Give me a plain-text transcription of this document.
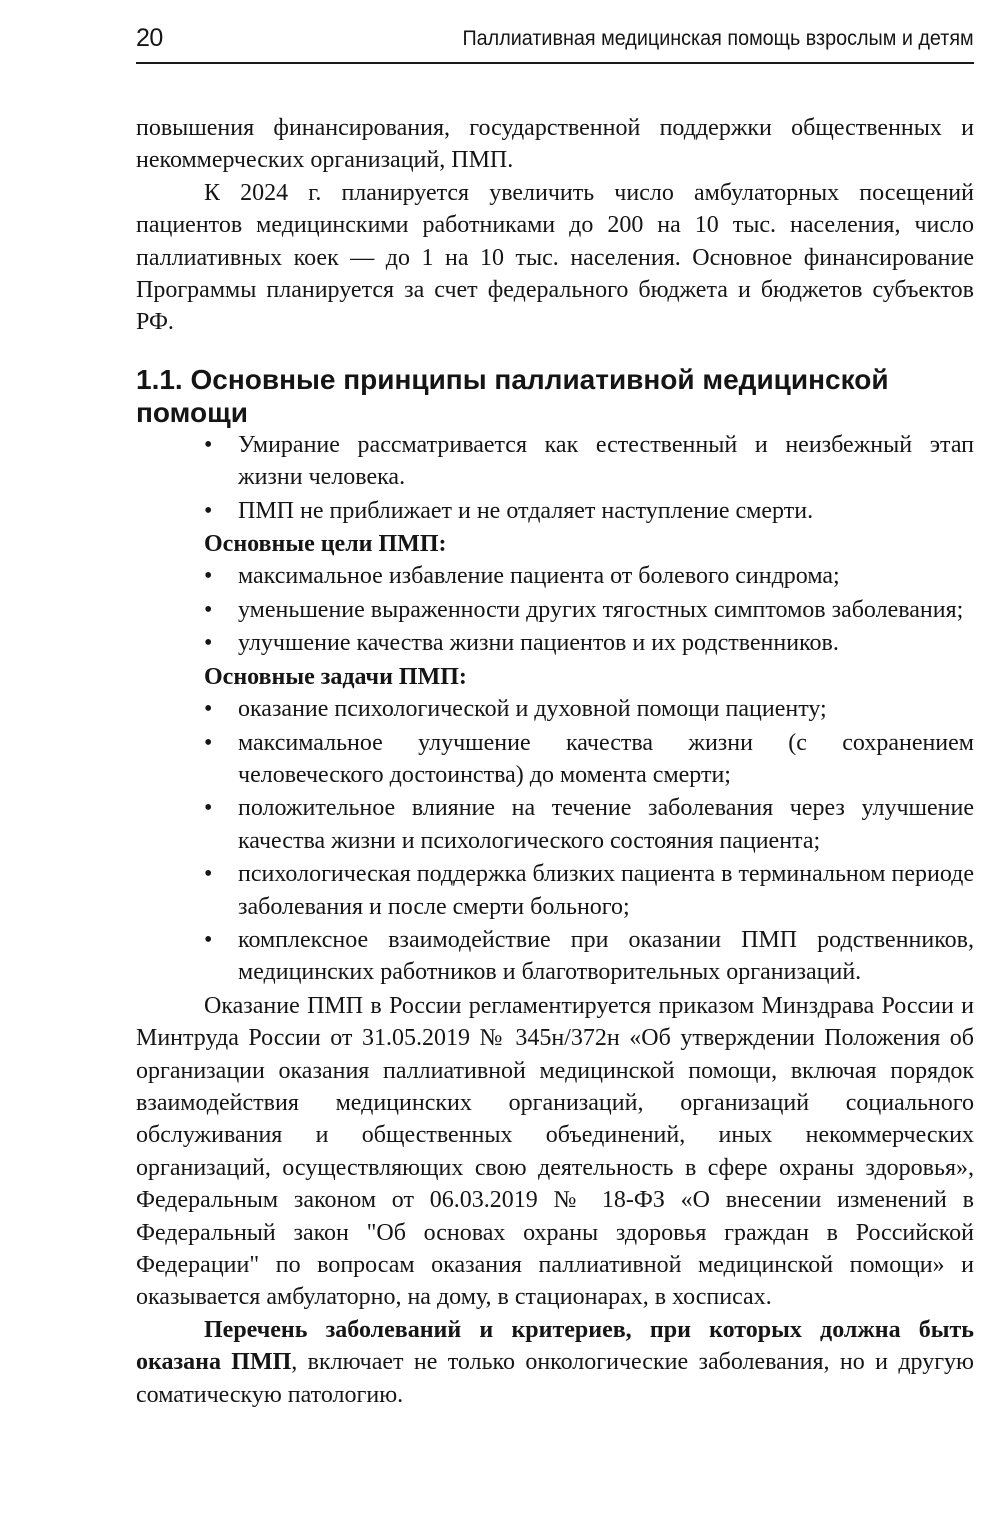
20	Паллиативная медицинская помощь взрослым и детям

повышения финансирования, государственной поддержки общественных и некоммерческих организаций, ПМП.

К 2024 г. планируется увеличить число амбулаторных посещений пациентов медицинскими работниками до 200 на 10 тыс. населения, число паллиативных коек — до 1 на 10 тыс. населения. Основное финансирование Программы планируется за счет федерального бюджета и бюджетов субъектов РФ.

1.1. Основные принципы паллиативной медицинской помощи
• Умирание рассматривается как естественный и неизбежный этап жизни человека.
• ПМП не приближает и не отдаляет наступление смерти.

Основные цели ПМП:

• максимальное избавление пациента от болевого синдрома;
• уменьшение выраженности других тягостных симптомов заболевания;
• улучшение качества жизни пациентов и их родственников.

Основные задачи ПМП:

• оказание психологической и духовной помощи пациенту;
• максимальное улучшение качества жизни (с сохранением человеческого достоинства) до момента смерти;
• положительное влияние на течение заболевания через улучшение качества жизни и психологического состояния пациента;
• психологическая поддержка близких пациента в терминальном периоде заболевания и после смерти больного;
• комплексное взаимодействие при оказании ПМП родственников, медицинских работников и благотворительных организаций.

Оказание ПМП в России регламентируется приказом Минздрава России и Минтруда России от 31.05.2019 № 345н/372н «Об утверждении Положения об организации оказания паллиативной медицинской помощи, включая порядок взаимодействия медицинских организаций, организаций социального обслуживания и общественных объединений, иных некоммерческих организаций, осуществляющих свою деятельность в сфере охраны здоровья», Федеральным законом от 06.03.2019 № 18-ФЗ «О внесении изменений в Федеральный закон "Об основах охраны здоровья граждан в Российской Федерации" по вопросам оказания паллиативной медицинской помощи» и оказывается амбулаторно, на дому, в стационарах, в хосписах.

Перечень заболеваний и критериев, при которых должна быть оказана ПМП, включает не только онкологические заболевания, но и другую соматическую патологию.
